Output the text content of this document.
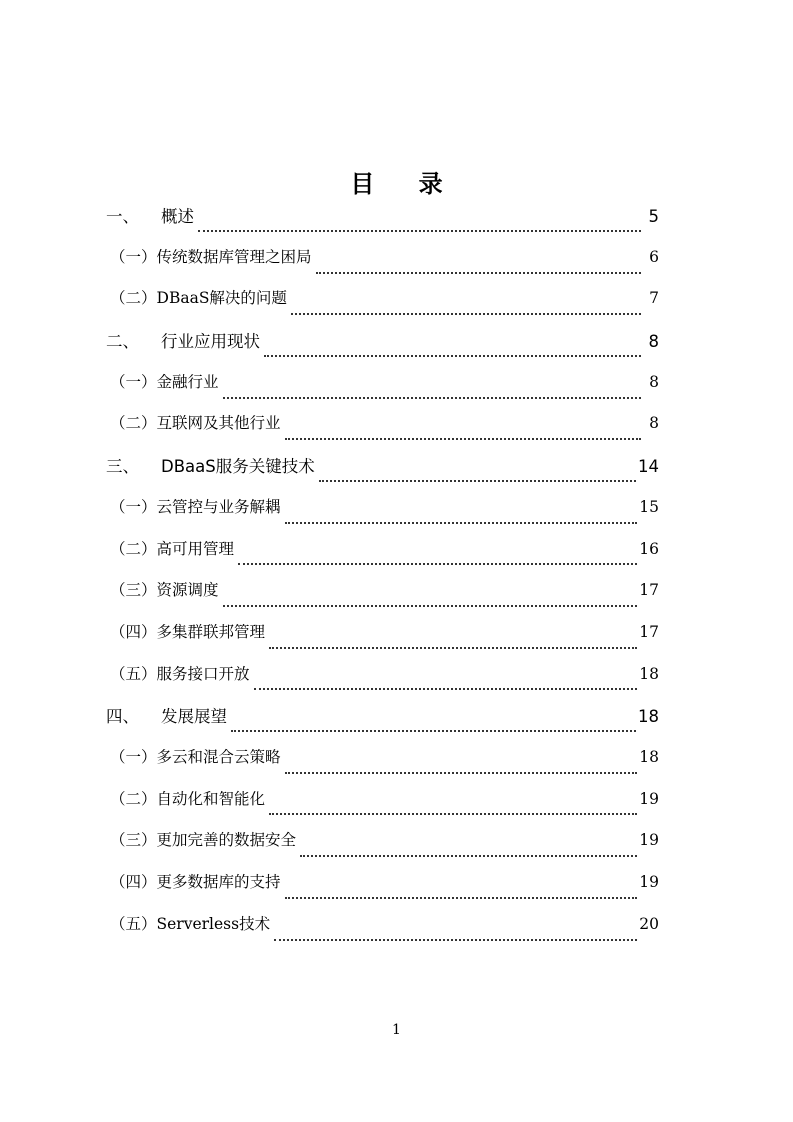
目 录
一、	概述	5
（一） 传统数据库管理之困局	6
（二） DBaaS解决的问题	7
二、	行业应用现状	8
（一） 金融行业	8
（二） 互联网及其他行业	8
三、	DBaaS服务关键技术	14
（一） 云管控与业务解耦	15
（二） 高可用管理	16
（三） 资源调度	17
（四） 多集群联邦管理	17
（五） 服务接口开放	18
四、	发展展望	18
（一） 多云和混合云策略	18
（二） 自动化和智能化	19
（三） 更加完善的数据安全	19
（四） 更多数据库的支持	19
（五） Serverless技术	20
1
